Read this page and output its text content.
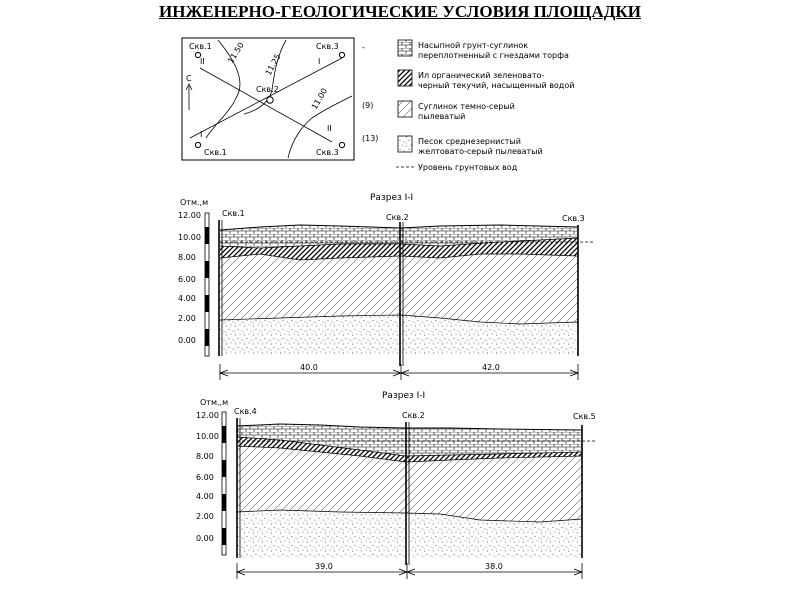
ИНЖЕНЕРНО-ГЕОЛОГИЧЕСКИЕ УСЛОВИЯ ПЛОЩАДКИ
Скв.1	Скв.3
Скв.2
Скв.1	Скв.3
11.50 11.25
11.00
II	I
I
II
С
-	Насыпной грунт-суглинок
переплотненный с гнездами торфа
Ил органический зеленовато-
черный текучий, насыщенный водой
(9)	Суглинок темно-серый
пылеватый
(13)	Песок среднезернистый
желтовато-серый пылеватый
Уровень грунтовых вод
Разрез I-I
Отм.,м
12.00
10.00
8.00
6.00
4.00
2.00
0.00
Скв.1	Скв.2	Скв.3
40.0	42.0
Разрез I-I
Отм.,м
12.00
10.00
8.00
6.00
4.00
2.00
0.00
Скв.4	Скв.2	Скв.5
39.0	38.0
